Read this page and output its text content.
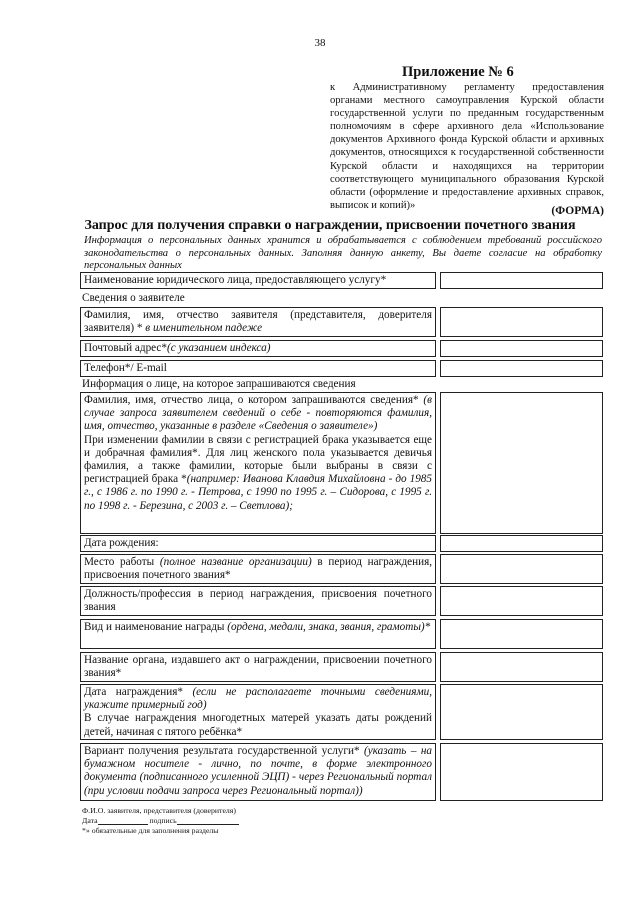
38
Приложение № 6
к Административному регламенту предоставления органами местного самоуправления Курской области государственной услуги по преданным государственным полномочиям в сфере архивного дела «Использование документов Архивного фонда Курской области и архивных документов, относящихся к государственной собственности Курской области и находящихся на территории соответствующего муниципального образования Курской области (оформление и предоставление архивных справок, выписок и копий)»	(ФОРМА)
Запрос для получения справки о награждении, присвоении почетного звания
Информация о персональных данных хранится и обрабатывается с соблюдением требований российского законодательства о персональных данных. Заполняя данную анкету, Вы даете согласие на обработку персональных данных
Наименование юридического лица, предоставляющего услугу*
Сведения о заявителе
Фамилия, имя, отчество заявителя (представителя, доверителя заявителя) * в именительном падеже
Почтовый адрес*(с указанием индекса)
Телефон*/ E-mail
Информация о лице, на которое запрашиваются сведения
Фамилия, имя, отчество лица, о котором запрашиваются сведения* (в случае запроса заявителем сведений о себе - повторяются фамилия, имя, отчество, указанные в разделе «Сведения о заявителе»)
При изменении фамилии в связи с регистрацией брака указывается еще и добрачная фамилия*. Для лиц женского пола указывается девичья фамилия, а также фамилии, которые были выбраны в связи с регистрацией брака *(например: Иванова Клавдия Михайловна - до 1985 г., с 1986 г. по 1990 г. - Петрова, с 1990 по 1995 г. – Сидорова, с 1995 г. по 1998 г. - Березина, с 2003 г. – Светлова);
Дата рождения:
Место работы (полное название организации) в период награждения, присвоения почетного звания*
Должность/профессия в период награждения, присвоения почетного звания
Вид и наименование награды (ордена, медали, знака, звания, грамоты)*
Название органа, издавшего акт о награждении, присвоении почетного звания*
Дата награждения* (если не располагаете точными сведениями, укажите примерный год)
В случае награждения многодетных матерей указать даты рождений детей, начиная с пятого ребёнка*
Вариант получения результата государственной услуги* (указать – на бумажном носителе - лично, по почте, в форме электронного документа (подписанного усиленной ЭЦП) - через Региональный портал (при условии подачи запроса через Региональный портал))
Ф.И.О. заявителя, представителя (доверителя)
Дата	подпись
*» обязательные для заполнения разделы
